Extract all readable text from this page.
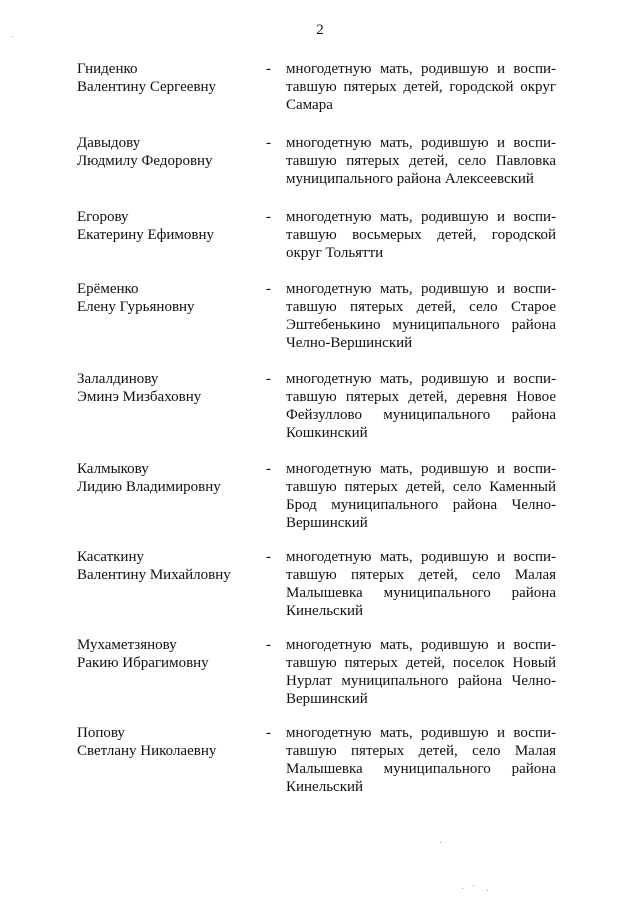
2
Гниденко
Валентину Сергеевну
- многодетную мать, родившую и воспи-
тавшую пятерых детей, городской округ
Самара
Давыдову
Людмилу Федоровну
- многодетную мать, родившую и воспи-
тавшую пятерых детей, село Павловка
муниципального района Алексеевский
Егорову
Екатерину Ефимовну
- многодетную мать, родившую и воспи-
тавшую восьмерых детей, городской
округ Тольятти
Ерёменко
Елену Гурьяновну
- многодетную мать, родившую и воспи-
тавшую пятерых детей, село Старое
Эштебенькино муниципального района
Челно-Вершинский
Залалдинову
Эминэ Мизбаховну
- многодетную мать, родившую и воспи-
тавшую пятерых детей, деревня Новое
Фейзуллово муниципального района
Кошкинский
Калмыкову
Лидию Владимировну
- многодетную мать, родившую и воспи-
тавшую пятерых детей, село Каменный
Брод муниципального района Челно-
Вершинский
Касаткину
Валентину Михайловну
- многодетную мать, родившую и воспи-
тавшую пятерых детей, село Малая
Малышевка муниципального района
Кинельский
Мухаметзянову
Ракию Ибрагимовну
- многодетную мать, родившую и воспи-
тавшую пятерых детей, поселок Новый
Нурлат муниципального района Челно-
Вершинский
Попову
Светлану Николаевну
- многодетную мать, родившую и воспи-
тавшую пятерых детей, село Малая
Малышевка муниципального района
Кинельский
